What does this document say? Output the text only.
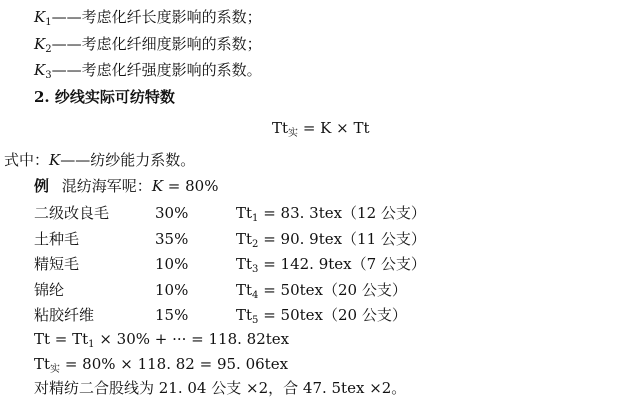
$K_1——$考虑化纤长度影响的系数；
$K_2——$考虑化纤细度影响的系数；
$K_3——$考虑化纤强度影响的系数。
2. 纱线实际可纺特数
$Tt_实 = K \times Tt$
式中：K——纺纱能力系数。
例 混纺海军呢：K = 80%
二级改良毛	30%	$Tt_1 = 83$. 3tex（12 公支）
土种毛	35%	$Tt_2 = 90$. 9tex（11 公支）
精短毛	10%	$Tt_3 = 142$. 9tex（7 公支）
锦纶	10%	$Tt_4 = 50tex(20$ 公支）
粘胶纤维	15%	$Tt_5 = 50tex(20$ 公支）
$Tt = Tt_1 \times 30\%$ + ··· = 118. 82tex
$Tt_实 = 80\% \times 118$. 82 = 95. 06tex
对精纺二合股线为 21. 04 公支 ×2，合 47. 5tex ×2。
